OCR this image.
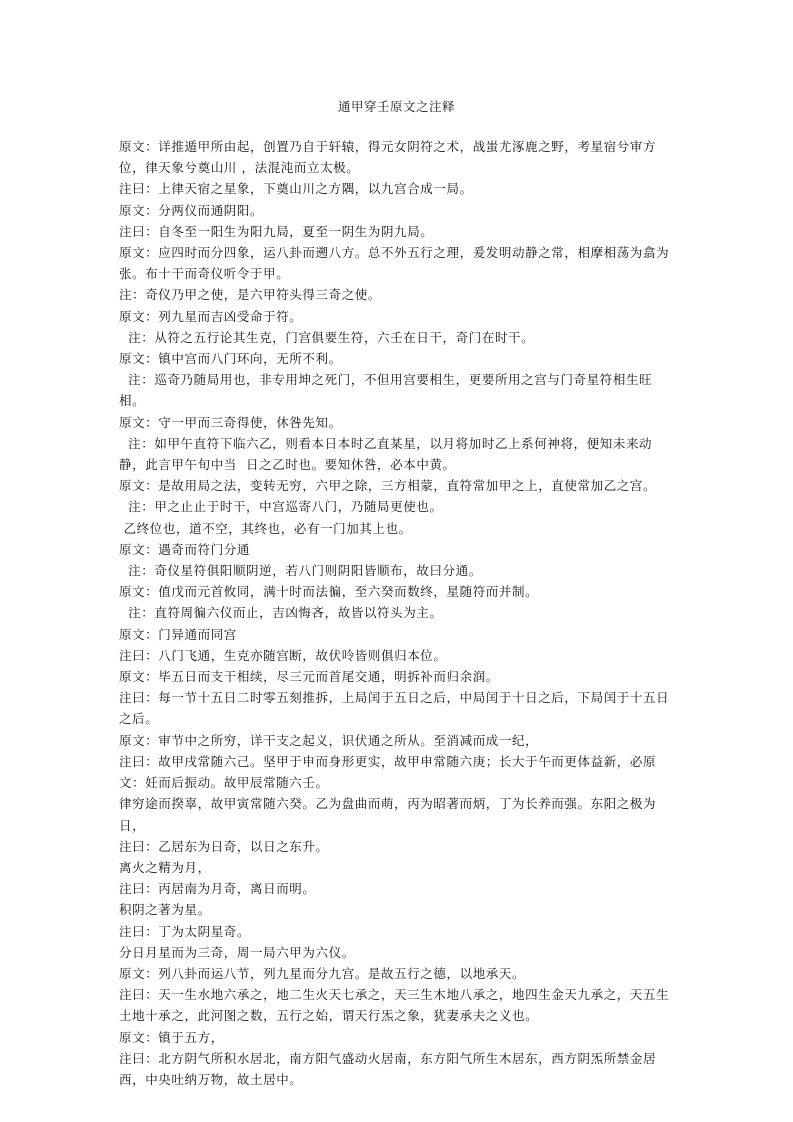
通甲穿壬原文之注释

原文：详推遁甲所由起，创置乃自于轩辕，得元女阴符之术，战蚩尤涿鹿之野，考星宿兮审方位，律天象兮奠山川 ，法混沌而立太极。

注曰：上律天宿之星象，下奠山川之方隅，以九宫合成一局。

原文：分两仪而通阴阳。

注曰：自冬至一阳生为阳九局，夏至一阴生为阴九局。

原文：应四时而分四象，运八卦而遡八方。总不外五行之理，爰发明动静之常，相摩相荡为翕为张。布十干而奇仪听令于甲。

注：奇仪乃甲之使，是六甲符头得三奇之使。

原文：列九星而吉凶受命于符。

注：从符之五行论其生克，门宫俱要生符，六壬在日干，奇门在时干。

原文：镇中宫而八门环向，无所不利。

注：巡奇乃随局用也，非专用坤之死门，不但用宫要相生，更要所用之宫与门奇星符相生旺相。

原文：守一甲而三奇得使，休咎先知。

注：如甲午直符下临六乙，则看本日本时乙直某星，以月将加时乙上系何神将，便知未来动静，此言甲午旬中当  日之乙时也。要知休咎，必本中黄。

原文：是故用局之法，变转无穷，六甲之除，三方相蒙，直符常加甲之上，直使常加乙之宫。

注：甲之止止于时干，中宫巡寄八门，乃随局更使也。

乙终位也，道不空，其终也，必有一门加其上也。

原文：遇奇而符门分通

注：奇仪星符俱阳顺阴逆，若八门则阴阳皆顺布，故曰分通。

原文：值戊而元首攸同，满十时而法徧，至六癸而数终，星随符而并制。

注：直符周徧六仪而止，吉凶悔吝，故皆以符头为主。

原文：门异通而同宫

注曰：八门飞通，生克亦随宫断，故伏呤皆则俱归本位。

原文：毕五日而支干相续，尽三元而首尾交通，明拆补而归余润。

注曰：每一节十五日二时零五刻推拆，上局闰于五日之后，中局闰于十日之后，下局闰于十五日之后。

原文：审节中之所穷，详干支之起义，识伏通之所从。至消减而成一纪，

注曰：故甲戌常随六己。坚甲于申而身形更实，故甲申常随六庚；长大于午而更体益新，必原文：妊而后振动。故甲辰常随六壬。

律穷途而揆辜，故甲寅常随六癸。乙为盘曲而萌，丙为昭著而炳，丁为长养而强。东阳之极为日，

注曰：乙居东为日奇，以日之东升。

离火之精为月，

注曰：丙居南为月奇，离日而明。

积阴之著为星。

注曰：丁为太阴星奇。

分日月星而为三奇，周一局六甲为六仪。

原文：列八卦而运八节，列九星而分九宫。是故五行之德，以地承天。

注曰：天一生水地六承之，地二生火天七承之，天三生木地八承之，地四生金天九承之，天五生土地十承之，此河图之数，五行之始，谓天行炁之象，犹妻承夫之义也。

原文：镇于五方，

注曰：北方阴气所积水居北，南方阳气盛动火居南，东方阳气所生木居东，西方阴炁所禁金居西，中央吐纳万物，故土居中。
